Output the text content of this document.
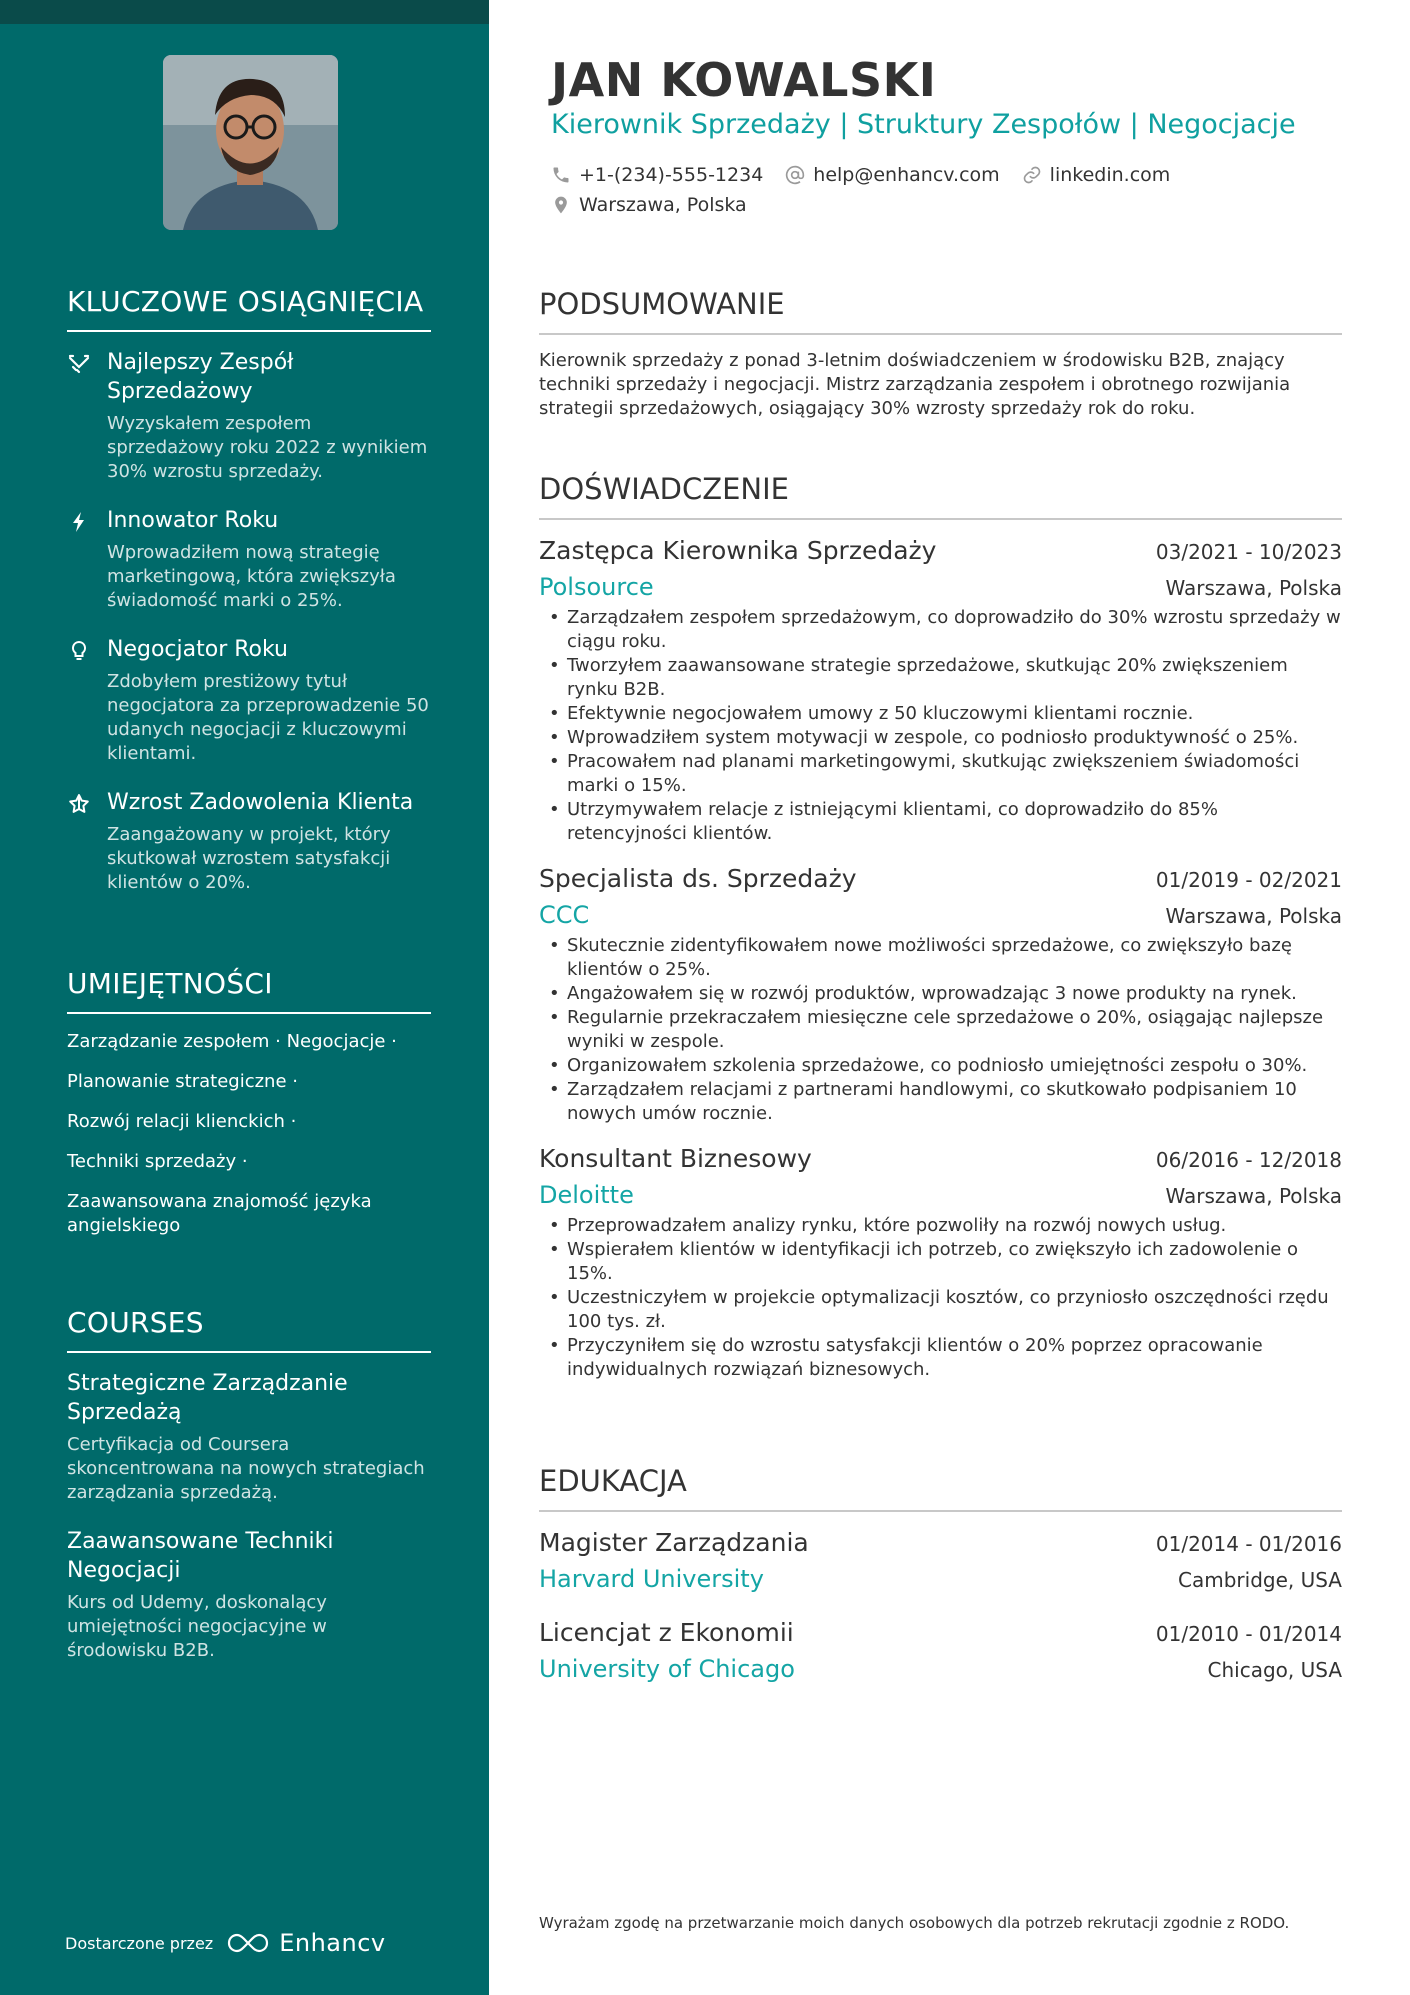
KLUCZOWE OSIĄGNIĘCIA
Najlepszy Zespół Sprzedażowy
Wyzyskałem zespołem sprzedażowy roku 2022 z wynikiem 30% wzrostu sprzedaży.
Innowator Roku
Wprowadziłem nową strategię marketingową, która zwiększyła świadomość marki o 25%.
Negocjator Roku
Zdobyłem prestiżowy tytuł negocjatora za przeprowadzenie 50 udanych negocjacji z kluczowymi klientami.
Wzrost Zadowolenia Klienta
Zaangażowany w projekt, który skutkował wzrostem satysfakcji klientów o 20%.
UMIEJĘTNOŚCI
Zarządzanie zespołem · Negocjacje ·
Planowanie strategiczne ·
Rozwój relacji klienckich ·
Techniki sprzedaży ·
Zaawansowana znajomość języka angielskiego
COURSES
Strategiczne Zarządzanie Sprzedażą
Certyfikacja od Coursera skoncentrowana na nowych strategiach zarządzania sprzedażą.
Zaawansowane Techniki Negocjacji
Kurs od Udemy, doskonalący umiejętności negocjacyjne w środowisku B2B.
Dostarczone przez	Enhancv
JAN KOWALSKI
Kierownik Sprzedaży | Struktury Zespołów | Negocjacje
+1-(234)-555-1234	help@enhancv.com	linkedin.com
Warszawa, Polska
PODSUMOWANIE
Kierownik sprzedaży z ponad 3-letnim doświadczeniem w środowisku B2B, znający techniki sprzedaży i negocjacji. Mistrz zarządzania zespołem i obrotnego rozwijania strategii sprzedażowych, osiągający 30% wzrosty sprzedaży rok do roku.
DOŚWIADCZENIE
Zastępca Kierownika Sprzedaży	03/2021 - 10/2023
Polsource	Warszawa, Polska
• Zarządzałem zespołem sprzedażowym, co doprowadziło do 30% wzrostu sprzedaży w ciągu roku.
• Tworzyłem zaawansowane strategie sprzedażowe, skutkując 20% zwiększeniem rynku B2B.
• Efektywnie negocjowałem umowy z 50 kluczowymi klientami rocznie.
• Wprowadziłem system motywacji w zespole, co podniosło produktywność o 25%.
• Pracowałem nad planami marketingowymi, skutkując zwiększeniem świadomości marki o 15%.
• Utrzymywałem relacje z istniejącymi klientami, co doprowadziło do 85% retencyjności klientów.
Specjalista ds. Sprzedaży	01/2019 - 02/2021
CCC	Warszawa, Polska
• Skutecznie zidentyfikowałem nowe możliwości sprzedażowe, co zwiększyło bazę klientów o 25%.
• Angażowałem się w rozwój produktów, wprowadzając 3 nowe produkty na rynek.
• Regularnie przekraczałem miesięczne cele sprzedażowe o 20%, osiągając najlepsze wyniki w zespole.
• Organizowałem szkolenia sprzedażowe, co podniosło umiejętności zespołu o 30%.
• Zarządzałem relacjami z partnerami handlowymi, co skutkowało podpisaniem 10 nowych umów rocznie.
Konsultant Biznesowy	06/2016 - 12/2018
Deloitte	Warszawa, Polska
• Przeprowadzałem analizy rynku, które pozwoliły na rozwój nowych usług.
• Wspierałem klientów w identyfikacji ich potrzeb, co zwiększyło ich zadowolenie o 15%.
• Uczestniczyłem w projekcie optymalizacji kosztów, co przyniosło oszczędności rzędu 100 tys. zł.
• Przyczyniłem się do wzrostu satysfakcji klientów o 20% poprzez opracowanie indywidualnych rozwiązań biznesowych.
EDUKACJA
Magister Zarządzania	01/2014 - 01/2016
Harvard University	Cambridge, USA
Licencjat z Ekonomii	01/2010 - 01/2014
University of Chicago	Chicago, USA
Wyrażam zgodę na przetwarzanie moich danych osobowych dla potrzeb rekrutacji zgodnie z RODO.
